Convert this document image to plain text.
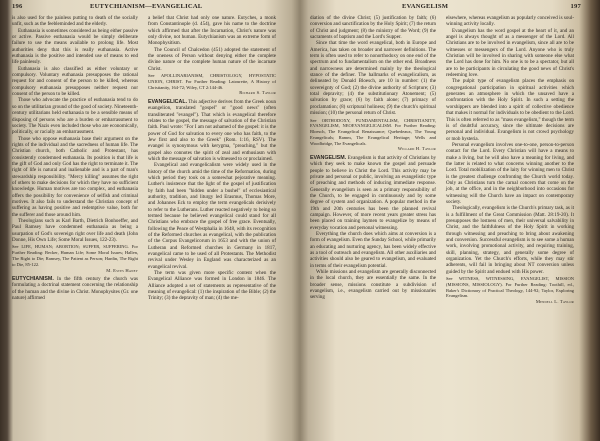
196	EUTYCHIANISM—EVANGELICAL

is also used for the painless putting to death of the socially unfit, such as the feebleminded and the elderly.

Euthanasia is sometimes considered as being either passive or active. Passive euthanasia would be simply deliberate failure to use the means available to prolong life. Most authorities deny that this is really euthanasia. Active euthanasia is the positive and intended use of means to end life painlessly.

Euthanasia is also classified as either voluntary or compulsory. Voluntary euthanasia presupposes the rational request for and consent of the person to be killed, whereas compulsory euthanasia presupposes neither request nor consent of the person to be killed.

Those who advocate the practice of euthanasia tend to do so on the utilitarian ground of the good of society. Nineteenth-century utilitarians held euthanasia to be a sensible means of disposing of persons who are a burden or embarrassment to society. The Nazis even included those who are economically, politically, or racially an embarrassment.

Those who oppose euthanasia base their argument on the rights of the individual and the sacredness of human life. The Christian church, both Catholic and Protestant, has consistently condemned euthanasia. Its position is that life is the gift of God and only God has the right to terminate it. The right of life is natural and inalienable and is a part of man's stewardship responsibility. "Mercy killing" assumes the right of others to make decisions for which they have no sufficient knowledge. Human motives are too complex, and euthanasia offers the possibility for convenience of selfish and criminal motives. It also fails to understand the Christian concept of suffering as having positive and redemptive value, both for the sufferer and those around him.

Theologians such as Karl Barth, Dietrich Bonhoeffer, and Paul Ramsey have condemned euthanasia as being a usurpation of God's sovereign right over life and death (John Donne, His Own Life; Some Moral Issues, 122-23).

See LIFE, HUMAN; ABORTION; SUFFER, SUFFERING. For Further Reading: Becker, Human Life; Some Moral Issues; Hallen, The Right to Die; Ramsey, The Patient as Person; Hardin, The Right to Die, 85-122.

M. Estes Haney

EUTYCHIANISM. In the fifth century the church was formulating a doctrinal statement concerning the relationship of the human and the divine in Christ. Monophysites (Gr. one nature) affirmed

a belief that Christ had only one nature. Eutyches, a monk from Constantinople (d. 454), gave his name to the doctrine which affirmed that after the Incarnation, Christ's nature was only divine, not human. Eutychianism was an extreme form of Monophysitism.

The Council of Chalcedon (451) adopted the statement of the oneness of Person without denying either the complete divine nature or the complete human nature of the incarnate Christ.

See APOLLINARIANISM, CHRISTOLOGY, HYPOSTATIC UNION, CHRIST. For Further Reading: Latourette, A History of Christianity, 164-72; Wiley, CT 2:144-46.

Richard S. Taylor

EVANGELICAL. This adjective derives from the Greek noun euangelion, translated "gospel" or "good news" (often transliterated "evangel"). That which is evangelical therefore relates to the gospel, the message of salvation of the Christian faith. Paul wrote: "For I am not ashamed of the gospel: it is the power of God for salvation to every one who has faith, to the Jew first and also to the Greek" (Rom. 1:16, RSV). The evangel is synonymous with kerygma, "preaching," but the gospel also connotes the spirit of zeal and enthusiasm with which the message of salvation is witnessed to or proclaimed.

Evangelical and evangelicalism were widely used in the history of the church amid the time of the Reformation, during which period they took on a somewhat pejorative meaning. Luther's insistence that the light of the gospel of justification by faith had been "hidden under a bushel" of ecclesiastical authority, tradition, and liturgy led Erasmus, Thomas More, and Johannes Eck to employ the term evangelicals derisively to refer to the Lutherans. Luther reacted negatively to being so termed because he believed evangelical could stand for all Christians who embrace the gospel of free grace. Eventually, following the Peace of Westphalia in 1648, with its recognition of the Reformed churches as evangelical, with the publication of the Corpus Evangelicorum in 1653 and with the union of Lutheran and Reformed churches in Germany in 1817, evangelical came to be used of all Protestants. The Methodist revival under Wesley in England was characterized as an evangelical revival.

The term was given more specific content when the Evangelical Alliance was formed in London in 1846. The Alliance adopted a set of statements as representative of the meaning of evangelical: (1) the inspiration of the Bible; (2) the Trinity; (3) the depravity of man; (4) the me-

EVANGELISM	197

diation of the divine Christ; (5) justification by faith; (6) conversion and sanctification by the Holy Spirit; (7) the return of Christ and judgment; (8) the ministry of the Word; (9) the sacraments of baptism and the Lord's Supper.

Since that time the word evangelical, both in Europe and America, has taken on broader and narrower definitions. The term is often used to refer to nonorthodoxy on one end of the spectrum and to fundamentalism on the other end. Broadness and narrowness are determined mainly by the theological stance of the definer. The hallmarks of evangelicalism, as delineated by Donald Bloesch, are 10 in number: (1) the sovereignty of God; (2) the divine authority of Scripture; (3) total depravity; (4) the substitutionary Atonement; (5) salvation by grace; (6) by faith alone; (7) primacy of proclamation; (8) scriptural holiness; (9) the church's spiritual mission; (10) the personal return of Christ.

See ORTHODOXY, FUNDAMENTALISM, CHRISTIANITY, EVANGELISM, NEOEVANGELICALISM. For Further Reading: Bloesch, The Evangelical Renaissance; Quebedeaux, The Young Evangelicals; Ramm, The Evangelical Heritage; Wells and Woodbridge, The Evangelicals.

Willard H. Taylor

EVANGELISM. Evangelism is that activity of Christians by which they seek to make known the gospel and persuade people to believe in Christ the Lord. This activity may be private and personal or public, involving an evangelistic type of preaching and methods of inducing immediate response. Generally evangelism is seen as a primary responsibility of the Church, to be engaged in continuously and by some degree of system and organization. A popular method in the 19th and 20th centuries has been the planned revival campaign. However, of more recent years greater stress has been placed on training laymen to evangelize by means of everyday vocation and personal witnessing.

Everything the church does which aims at conversion is a form of evangelism. Even the Sunday School, while primarily an educating and nurturing agency, has been widely effective as a tool of outreach and evangelism. All other auxiliaries and activities should also be geared to evangelism, and evaluated in terms of their evangelism potential.

While missions and evangelism are generally disconnected in the local church, they are essentially the same. In the broader sense, missions constitute a subdivision of evangelism, i.e., evangelism carried out by missionaries serving

elsewhere, whereas evangelism as popularly conceived is soul-winning activity locally.

Evangelism has the word gospel at the heart of it, and an angel is always thought of as a messenger of the Lord. All Christians are to be involved in evangelism, since all are to be witnesses or messengers of the Lord. Anyone who is truly Christian will be involved in sharing with someone else what the Lord has done for him. No one is to be a spectator, but all are to be participants in circulating the good news of Christ's redeeming love.

The pulpit type of evangelism places the emphasis on congregational participation in spiritual activities which generates an atmosphere in which the unsaved have a confrontation with the Holy Spirit. In such a setting the worshippers are blended into a spirit of collective obedience that makes it normal for individuals to be obedient to the Lord. This is often referred to as "mass evangelism," though the term is of doubtful accuracy, since the ultimate decisions are personal and individual. Evangelism is not crowd psychology or mob hysteria.

Personal evangelism involves one-to-one, person-to-person contact for the Lord. Every Christian will have a means to make a living, but he will also have a meaning for living, and the latter is related to what concerns winning another to the Lord. Total mobilization of the laity for winning men to Christ is the greatest challenge confronting the Church world today. Only as Christians turn the carnal concern that come on the job, at the office, and in the neighborhood into occasions for witnessing will the Church have an impact on contemporary society.

Theologically, evangelism is the Church's primary task, as it is a fulfillment of the Great Commission (Matt. 28:19-20). It presupposes the lostness of men, their universal salvability in Christ, and the faithfulness of the Holy Spirit in working through witnessing and preaching to bring about awakening and conversion. Successful evangelism is to see some a human work, involving promotional activity, and requiring training, skill, planning, strategy, and generally some degree of organization. Yet the Church's efforts, while they may stir adherents, will fail in bringing about NT conversion unless guided by the Spirit and endued with His power.

See WITNESS, WITNESSING, EVANGELIST, MISSION (MISSIONS, MISSIOLOGY). For Further Reading: Toothill, ed., Baker's Dictionary of Practical Theology, 144-92; Taylor, Exploring Evangelism.

Mendell L. Taylor
